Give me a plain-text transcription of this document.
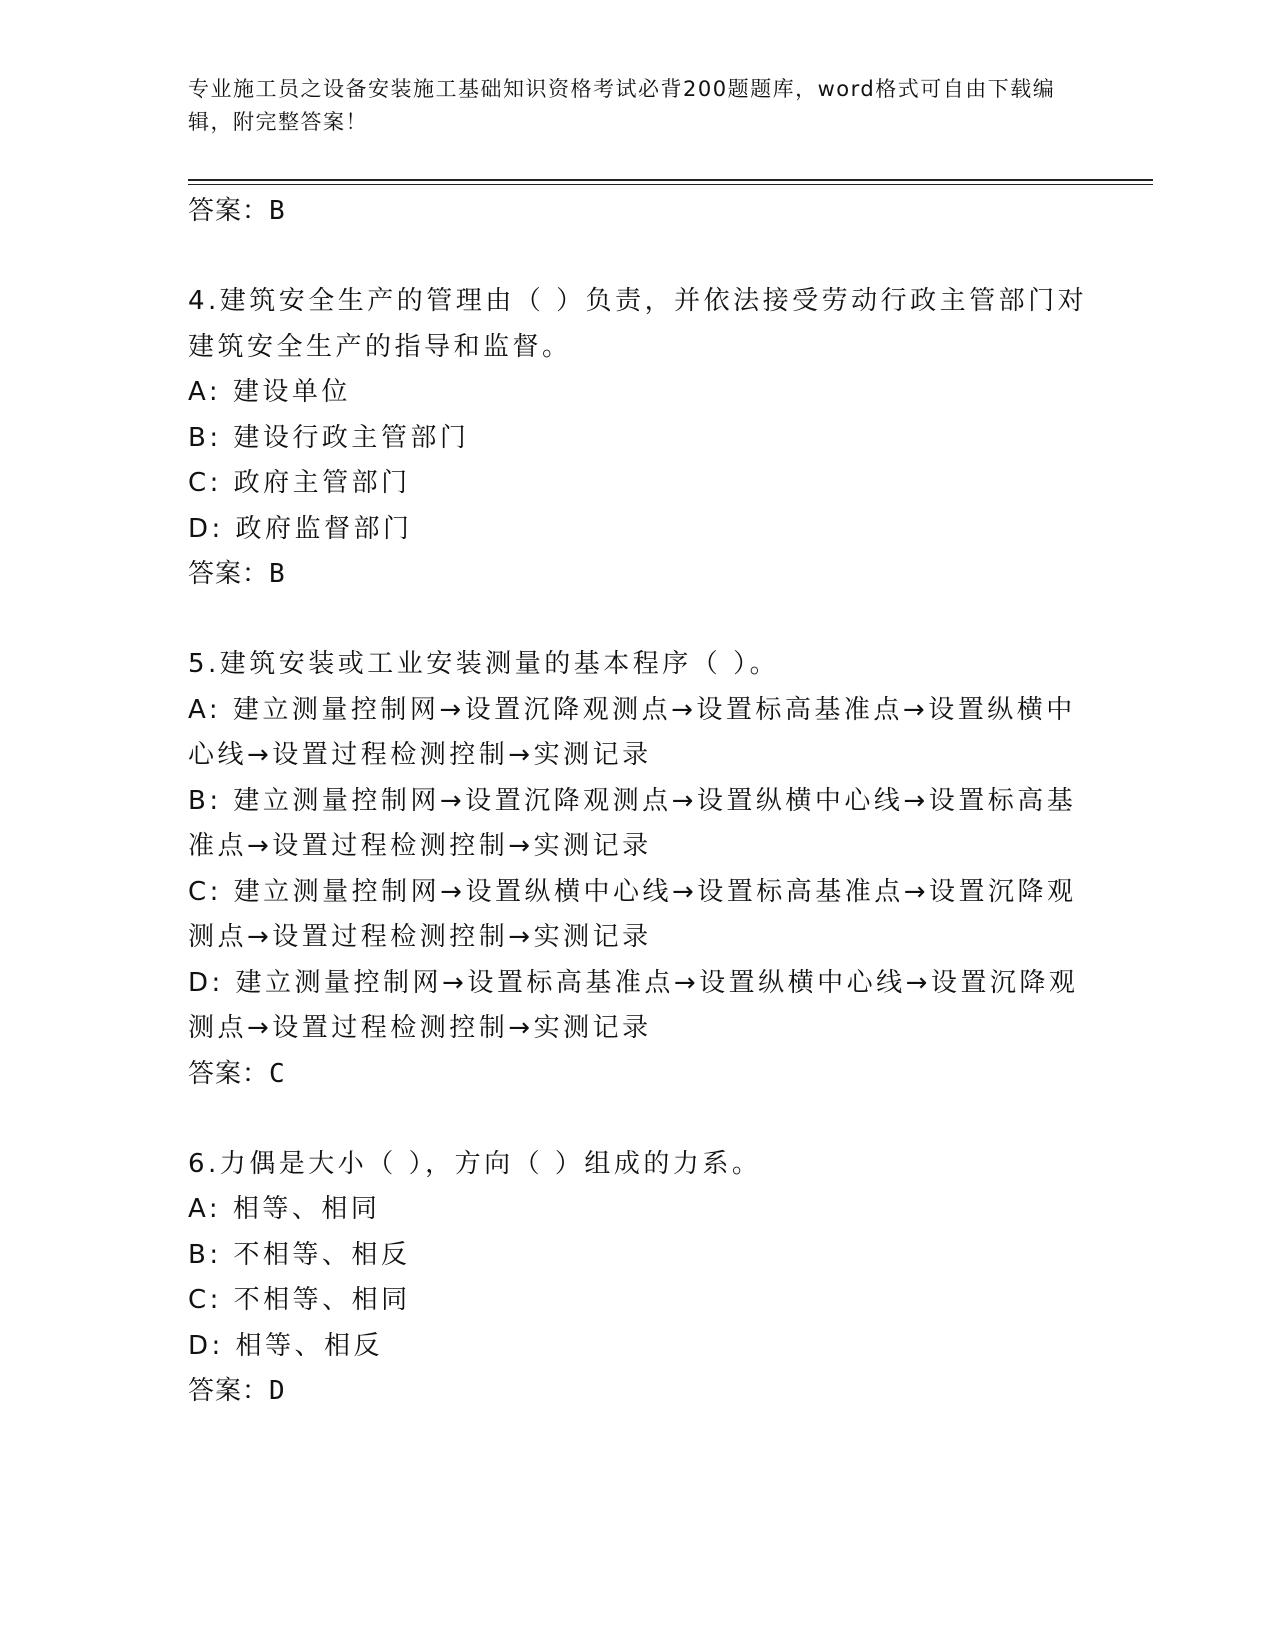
专业施工员之设备安装施工基础知识资格考试必背200题题库，word格式可自由下载编辑，附完整答案！
答案：B
4.建筑安全生产的管理由（ ）负责，并依法接受劳动行政主管部门对建筑安全生产的指导和监督。
A: 建设单位
B: 建设行政主管部门
C: 政府主管部门
D: 政府监督部门
答案：B
5.建筑安装或工业安装测量的基本程序（ ）。
A: 建立测量控制网→设置沉降观测点→设置标高基准点→设置纵横中心线→设置过程检测控制→实测记录
B: 建立测量控制网→设置沉降观测点→设置纵横中心线→设置标高基准点→设置过程检测控制→实测记录
C: 建立测量控制网→设置纵横中心线→设置标高基准点→设置沉降观测点→设置过程检测控制→实测记录
D: 建立测量控制网→设置标高基准点→设置纵横中心线→设置沉降观测点→设置过程检测控制→实测记录
答案：C
6.力偶是大小（ ），方向（ ）组成的力系。
A: 相等、相同
B: 不相等、相反
C: 不相等、相同
D: 相等、相反
答案：D
